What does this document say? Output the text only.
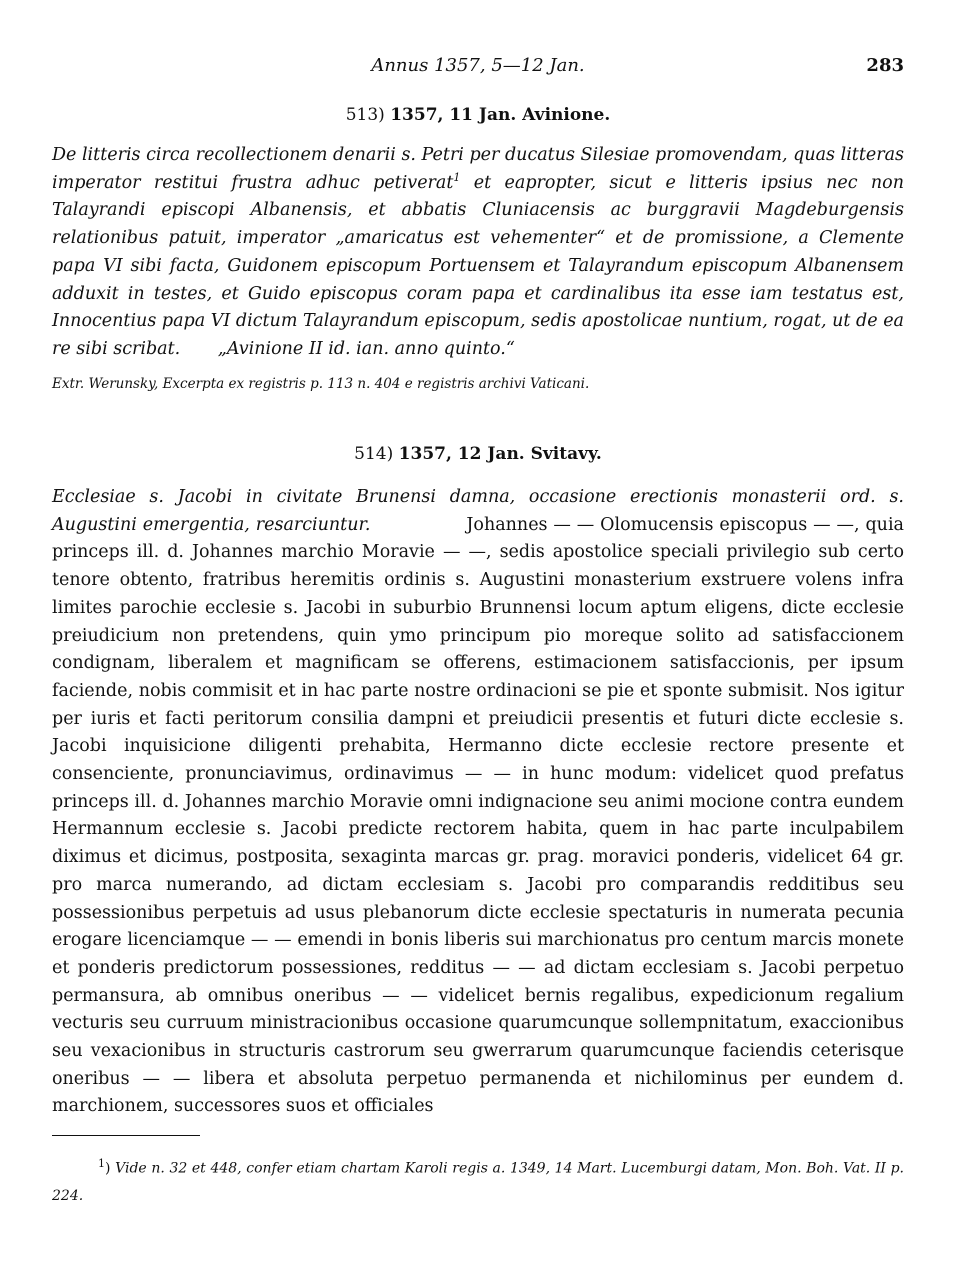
Annus 1357, 5—12 Jan.	283
513) 1357, 11 Jan. Avinione.

De litteris circa recollectionem denarii s. Petri per ducatus Silesiae promovendam, quas litteras imperator restitui frustra adhuc petiverat$^1$ et eapropter, sicut e litteris ipsius nec non Talayrandi episcopi Albanensis, et abbatis Cluniacensis ac burggravii Magdeburgensis relationibus patuit, imperator „amaricatus est vehementer“ et de promissione, a Clemente papa VI sibi facta, Guidonem episcopum Portuensem et Talayrandum episcopum Albanensem adduxit in testes, et Guido episcopus coram papa et cardinalibus ita esse iam testatus est, Innocentius papa VI dictum Talayrandum episcopum, sedis apostolicae nuntium, rogat, ut de ea re sibi scribat. „Avinione II id. ian. anno quinto.“

Extr. Werunsky, Excerpta ex registris p. 113 n. 404 e registris archivi Vaticani.
514) 1357, 12 Jan. Svitavy.

Ecclesiae s. Jacobi in civitate Brunensi damna, occasione erectionis monasterii ord. s. Augustini emergentia, resarciuntur.	Johannes — — Olomucensis episcopus — —, quia princeps ill. d. Johannes marchio Moravie — —, sedis apostolice speciali privilegio sub certo tenore obtento, fratribus heremitis ordinis s. Augustini monasterium exstruere volens infra limites parochie ecclesie s. Jacobi in suburbio Brunnensi locum aptum eligens, dicte ecclesie preiudicium non pretendens, quin ymo principum pio moreque solito ad satisfaccionem condignam, liberalem et magnificam se offerens, estimacionem satisfaccionis, per ipsum faciende, nobis commisit et in hac parte nostre ordinacioni se pie et sponte submisit. Nos igitur per iuris et facti peritorum consilia dampni et preiudicii presentis et futuri dicte ecclesie s. Jacobi inquisicione diligenti prehabita, Hermanno dicte ecclesie rectore presente et consenciente, pronunciavimus, ordinavimus — — in hunc modum: videlicet quod prefatus princeps ill. d. Johannes marchio Moravie omni indignacione seu animi mocione contra eundem Hermannum ecclesie s. Jacobi predicte rectorem habita, quem in hac parte inculpabilem diximus et dicimus, postposita, sexaginta marcas gr. prag. moravici ponderis, videlicet 64 gr. pro marca numerando, ad dictam ecclesiam s. Jacobi pro comparandis redditibus seu possessionibus perpetuis ad usus plebanorum dicte ecclesie spectaturis in numerata pecunia erogare licenciamque — — emendi in bonis liberis sui marchionatus pro centum marcis monete et ponderis predictorum possessiones, redditus — — ad dictam ecclesiam s. Jacobi perpetuo permansura, ab omnibus oneribus — — videlicet bernis regalibus, expedicionum regalium vecturis seu curruum ministracionibus occasione quarumcunque sollempnitatum, exaccionibus seu vexacionibus in structuris castrorum seu gwerrarum quarumcunque faciendis ceterisque oneribus — — libera et absoluta perpetuo permanenda et nichilominus per eundem d. marchionem, successores suos et officiales

$^1$) Vide n. 32 et 448, confer etiam chartam Karoli regis a. 1349, 14 Mart. Lucemburgi datam, Mon. Boh. Vat. II p. 224.
